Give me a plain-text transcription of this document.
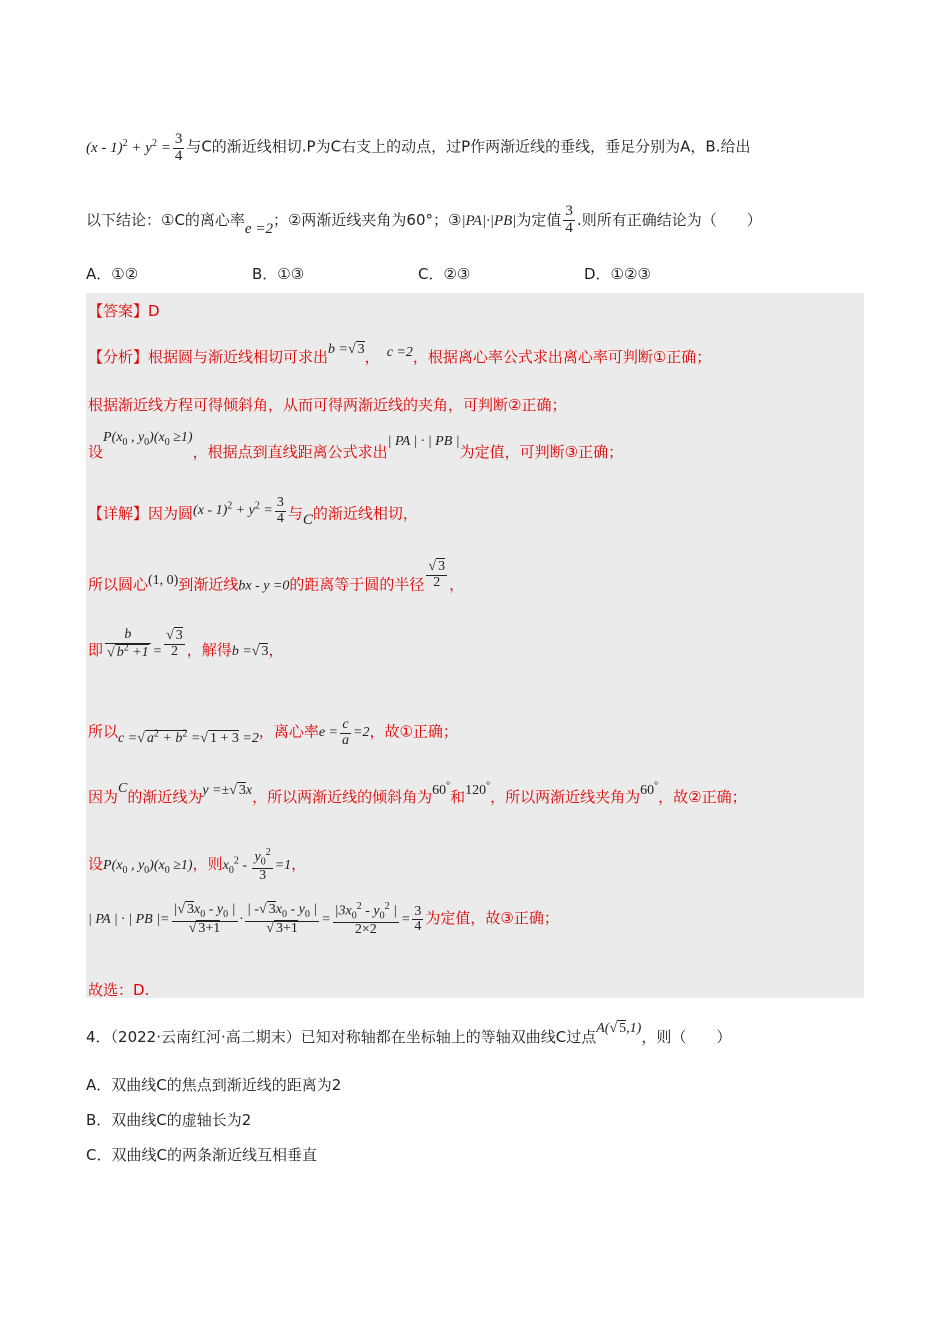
$(x - 1)^2 + y^2 = \frac{3}{4}$ 与C的渐近线相切.P为C右支上的动点，过P作两渐近线的垂线，垂足分别为A，B.给出
以下结论：①C的离心率e =2；②两渐近线夹角为60°；③|PA|·|PB|为定值 $\frac{3}{4}$ .则所有正确结论为（　　）
A．①②	B．①③	C．②③	D．①②③
【答案】D
【分析】根据圆与渐近线相切可求出b =√ 3，  c =2，根据离心率公式求出离心率可判断①正确；
根据渐近线方程可得倾斜角，从而可得两渐近线的夹角，可判断②正确；
设$P(x_0$ , $y_0)(x_0 \ge 1)$，根据点到直线距离公式求出| PA | · | PB |为定值，可判断③正确；
【详解】因为圆$(x - 1)^2 + y^2 = \frac{3}{4}$ 与C的渐近线相切，
所以圆心(1, 0)到渐近线bx - y =0的距离等于圆的半径 $\frac{√ 3}{2}$ ，
即 $\frac{b}{√ b^2 +1} = \frac{√ 3}{2}$ ，解得b =√ 3，
所以c =√ $a^2 + b^2$ =√ 1 + 3 =2，离心率$e = \frac{c}{a} =2$，故①正确；
因为C的渐近线为y =±√ 3x，所以两渐近线的倾斜角为60°和120°，所以两渐近线夹角为60°，故②正确；
设$P(x_0$ , $y_0)(x_0 \ge 1)$，则$x_0^2 - \frac{y_0^2}{3} =1$，
| PA | · | PB |= $\frac{|√ 3x_0 - y_0 |}{√ 3+1} \cdot \frac{| -√ 3x_0 - y_0 |}{√ 3+1} = \frac{|3x_0^2 - y_0^2 |}{2\times 2} = \frac{3}{4}$ 为定值，故③正确；
故选：D.
4．（2022·云南红河·高二期末）已知对称轴都在坐标轴上的等轴双曲线C过点A(√ 5,1)，则（　　）
A．双曲线C的焦点到渐近线的距离为2
B．双曲线C的虚轴长为2
C．双曲线C的两条渐近线互相垂直
